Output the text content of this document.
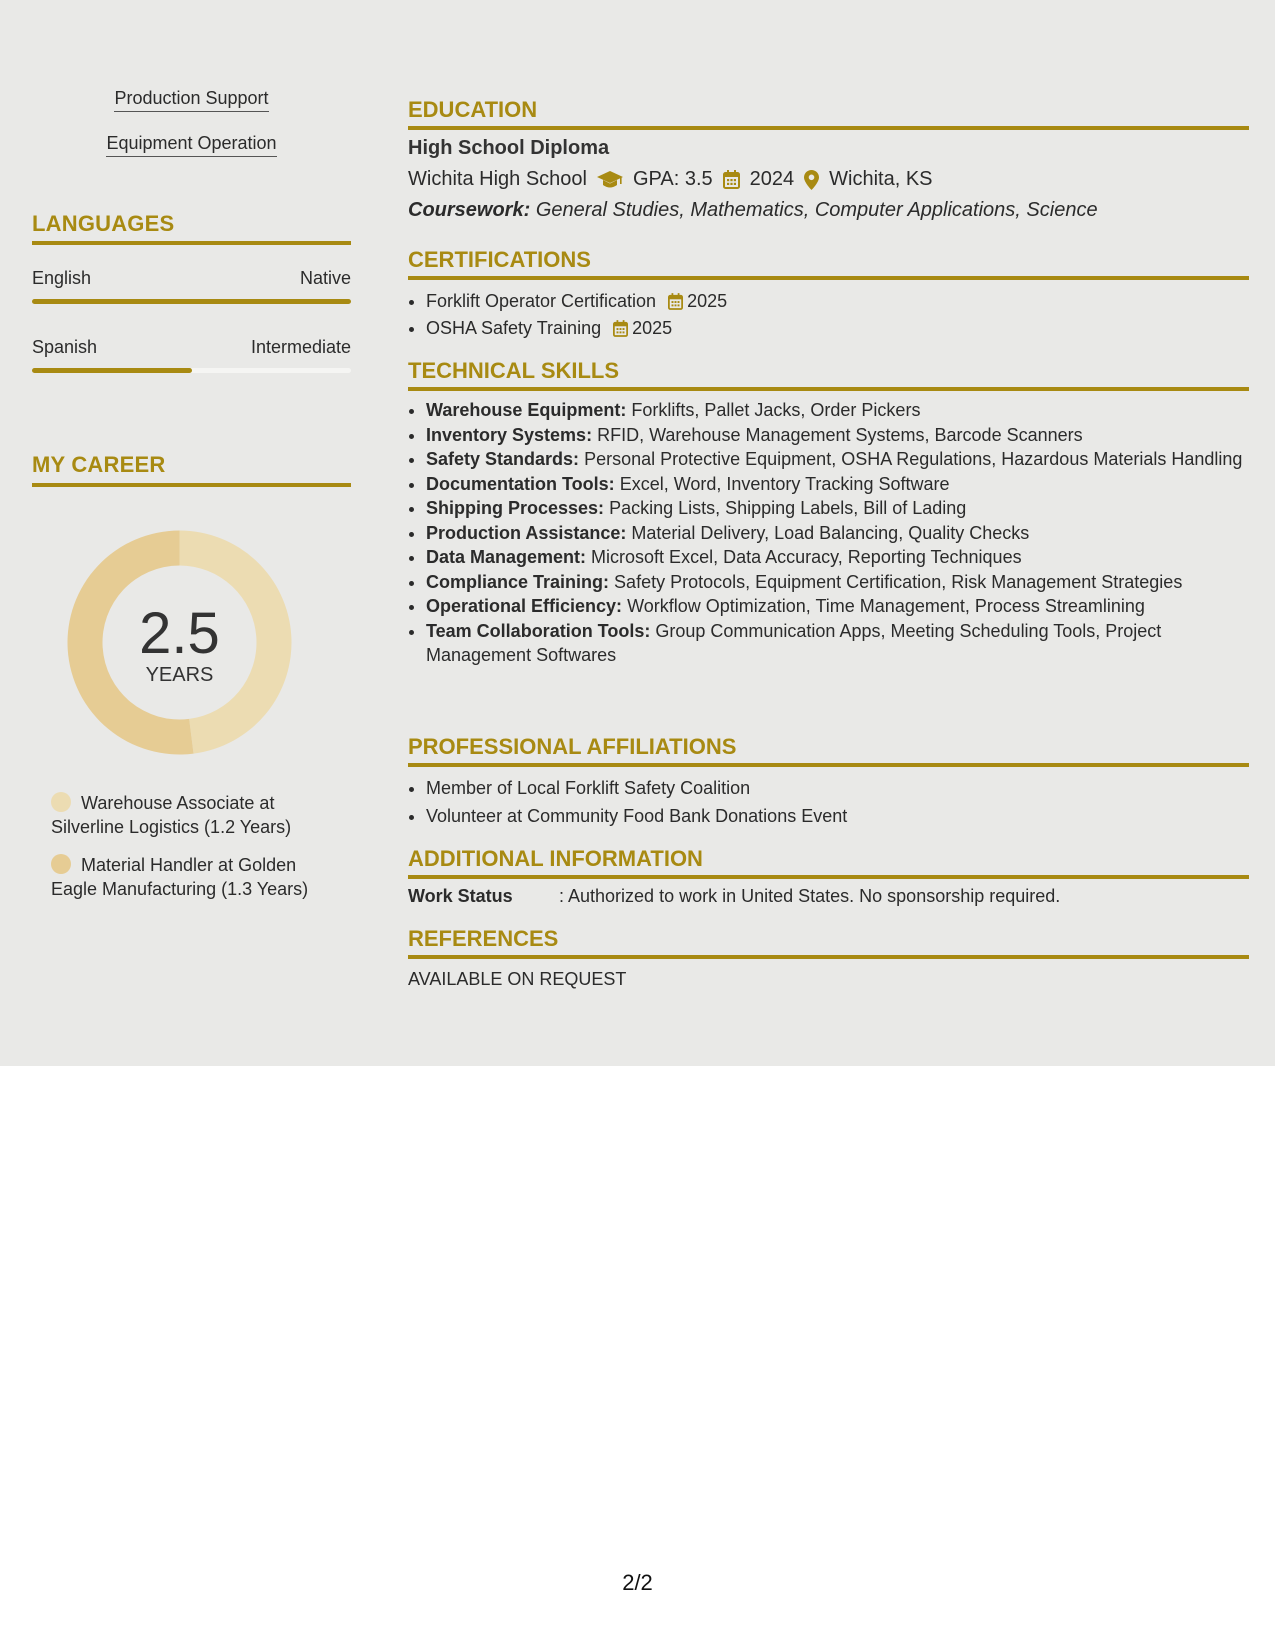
Production Support
Equipment Operation
LANGUAGES
English	Native
Spanish	Intermediate
MY CAREER
2.5
YEARS
Warehouse Associate at Silverline Logistics (1.2 Years)
Material Handler at Golden Eagle Manufacturing (1.3 Years)
EDUCATION
High School Diploma
Wichita High School GPA: 3.5 2024 Wichita, KS
Coursework: General Studies, Mathematics, Computer Applications, Science
CERTIFICATIONS
• Forklift Operator Certification 2025
• OSHA Safety Training 2025
TECHNICAL SKILLS
• Warehouse Equipment: Forklifts, Pallet Jacks, Order Pickers
• Inventory Systems: RFID, Warehouse Management Systems, Barcode Scanners
• Safety Standards: Personal Protective Equipment, OSHA Regulations, Hazardous Materials Handling
• Documentation Tools: Excel, Word, Inventory Tracking Software
• Shipping Processes: Packing Lists, Shipping Labels, Bill of Lading
• Production Assistance: Material Delivery, Load Balancing, Quality Checks
• Data Management: Microsoft Excel, Data Accuracy, Reporting Techniques
• Compliance Training: Safety Protocols, Equipment Certification, Risk Management Strategies
• Operational Efficiency: Workflow Optimization, Time Management, Process Streamlining
• Team Collaboration Tools: Group Communication Apps, Meeting Scheduling Tools, Project Management Softwares
PROFESSIONAL AFFILIATIONS
• Member of Local Forklift Safety Coalition
• Volunteer at Community Food Bank Donations Event
ADDITIONAL INFORMATION
Work Status	: Authorized to work in United States. No sponsorship required.
REFERENCES
AVAILABLE ON REQUEST
2/2
